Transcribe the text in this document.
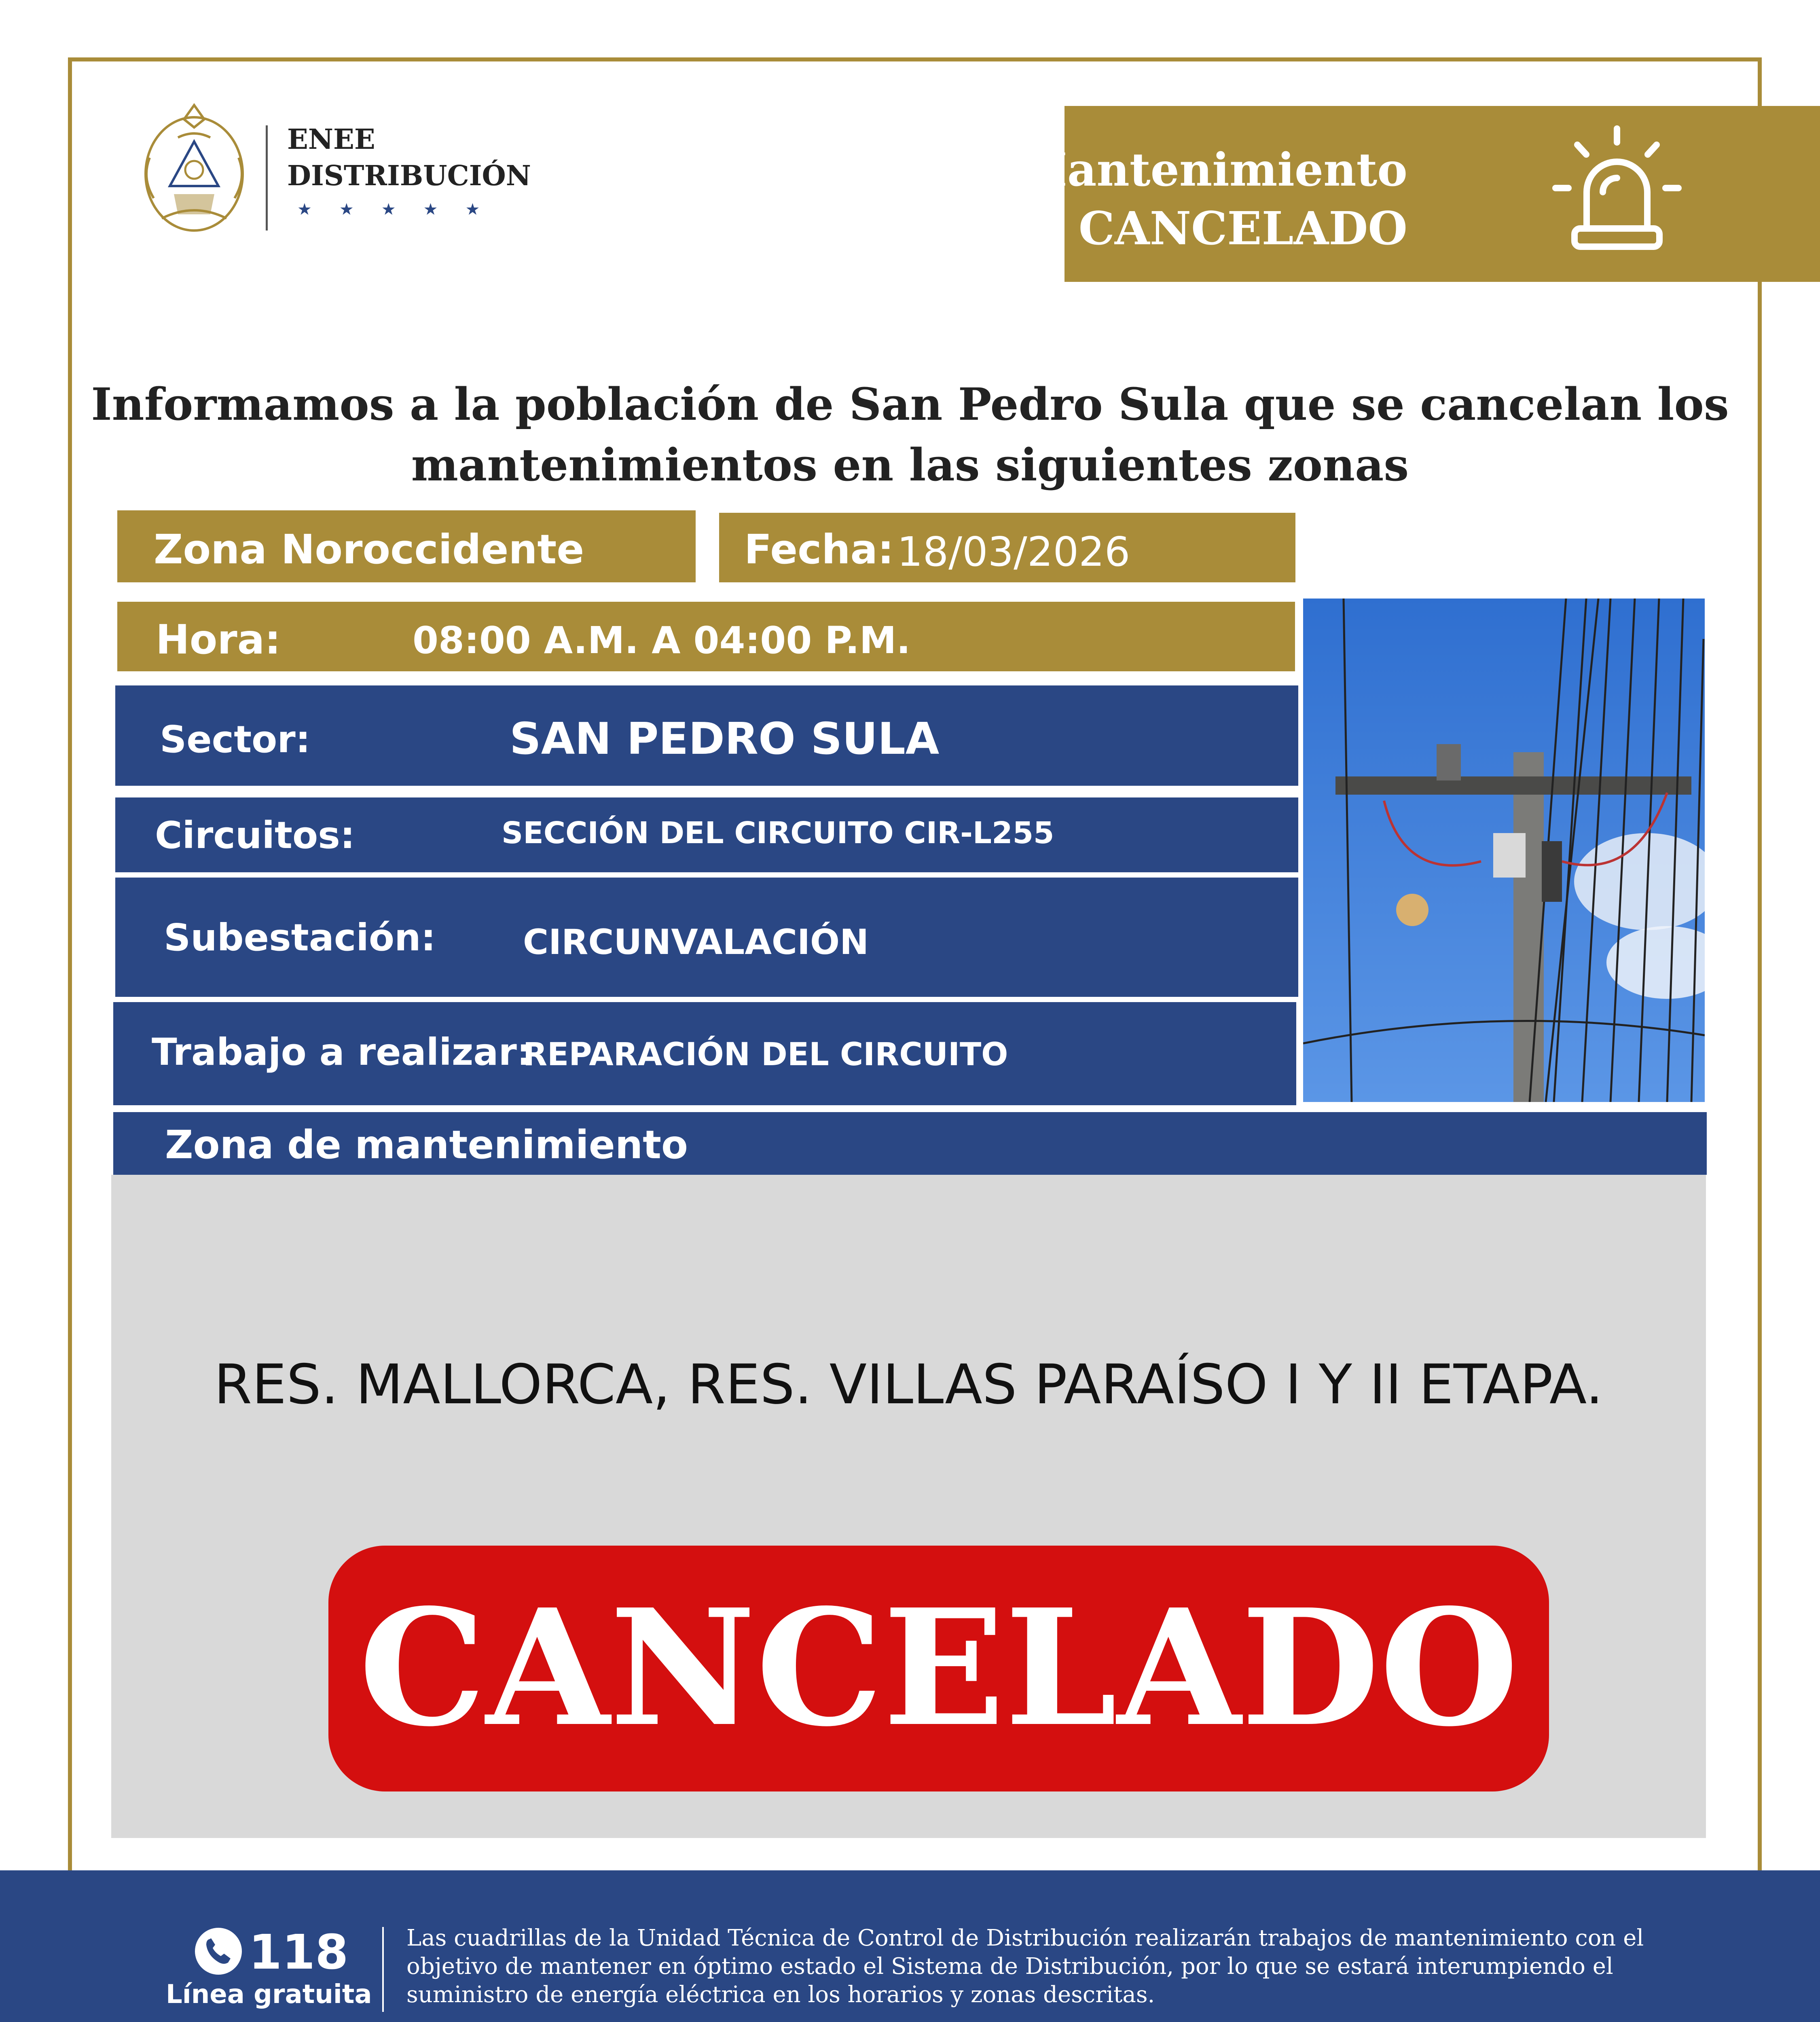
ENEE
DISTRIBUCIÓN
★★★★★
Mantenimiento
CANCELADO
Informamos a la población de San Pedro Sula que se cancelan los mantenimientos en las siguientes zonas
Zona Noroccidente	Fecha: 18/03/2026
Hora:	08:00 A.M. A 04:00 P.M.
Sector:	SAN PEDRO SULA
Circuitos:	SECCIÓN DEL CIRCUITO CIR-L255
Subestación:	CIRCUNVALACIÓN
Trabajo a realizar:
REPARACIÓN DEL CIRCUITO
Zona de mantenimiento
RES. MALLORCA, RES. VILLAS PARAÍSO I Y II ETAPA.
CANCELADO
118
Línea gratuita
Las cuadrillas de la Unidad Técnica de Control de Distribución realizarán trabajos de mantenimiento con el objetivo de mantener en óptimo estado el Sistema de Distribución, por lo que se estará interumpiendo el suministro de energía eléctrica en los horarios y zonas descritas.
